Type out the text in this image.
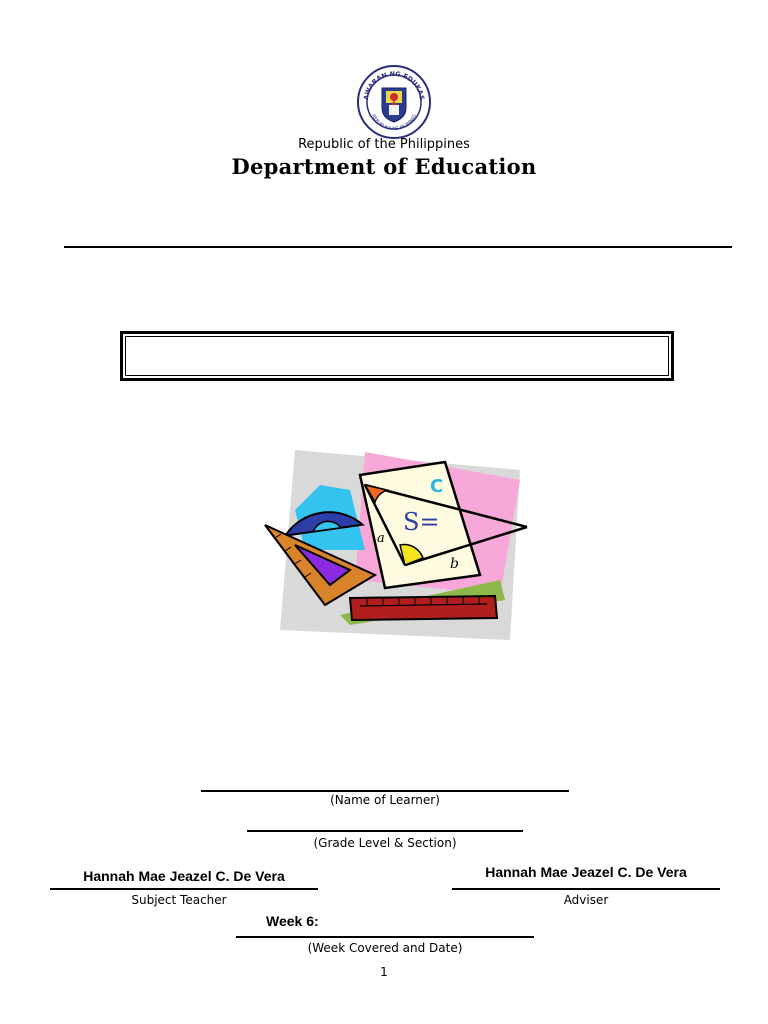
AWARAN NG EDUKAS
REPUBLIKA NG PILIPINAS
Republic of the Philippines
Department of Education
C
S=
a
b
(Name of Learner)
(Grade Level & Section)
Hannah Mae Jeazel C. De Vera
Subject Teacher
Hannah Mae Jeazel C. De Vera
Adviser
Week 6:
(Week Covered and Date)
1
